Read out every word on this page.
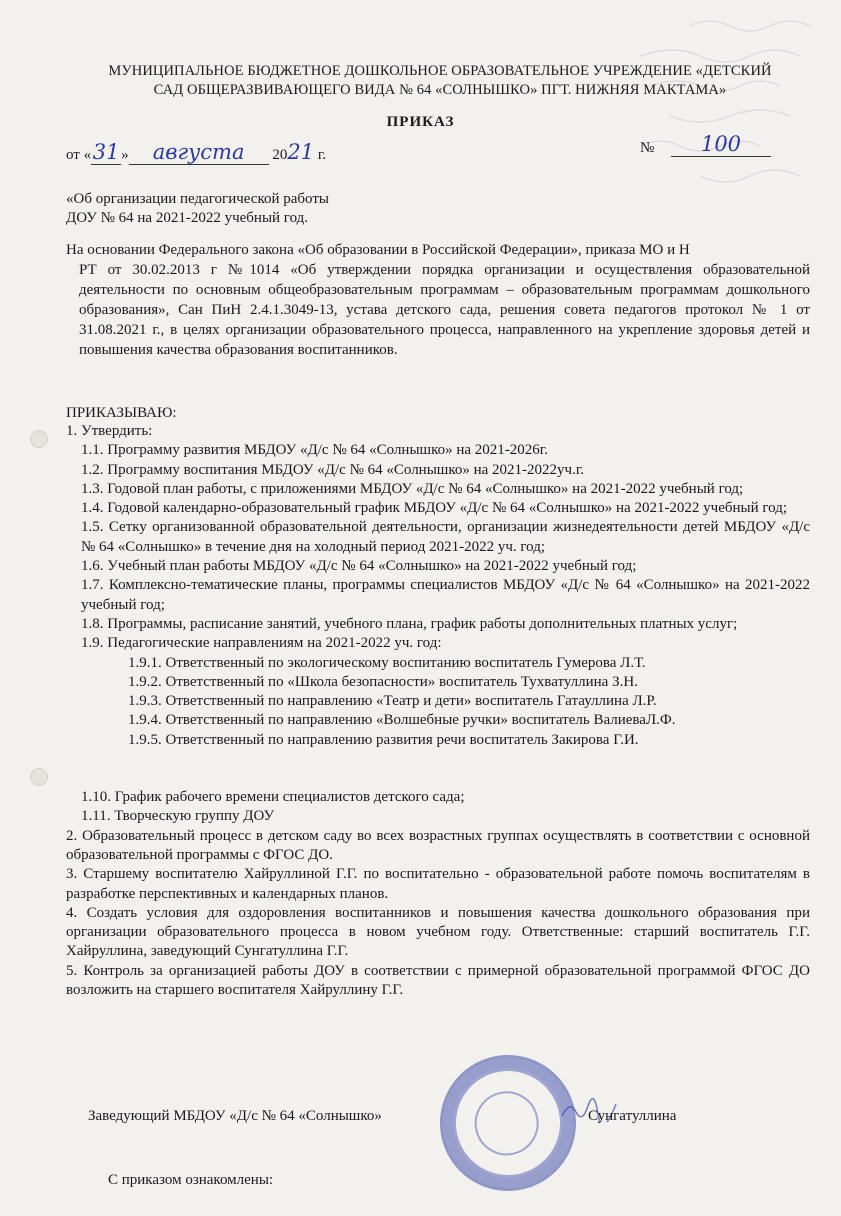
МУНИЦИПАЛЬНОЕ БЮДЖЕТНОЕ ДОШКОЛЬНОЕ ОБРАЗОВАТЕЛЬНОЕ УЧРЕЖДЕНИЕ «ДЕТСКИЙ
САД ОБЩЕРАЗВИВАЮЩЕГО ВИДА № 64 «СОЛНЫШКО» ПГТ. НИЖНЯЯ МАКТАМА»
ПРИКАЗ
от «31 » августа 2021 г.	№	100
«Об организации педагогической работы
ДОУ № 64 на 2021-2022 учебный год.
На основании Федерального закона «Об образовании в Российской Федерации», приказа МО и Н
РТ от 30.02.2013 г №1014 «Об утверждении порядка организации и осуществления образовательной деятельности по основным общеобразовательным программам – образовательным программам дошкольного образования», Сан ПиН 2.4.1.3049-13, устава детского сада, решения совета педагогов протокол № 1 от 31.08.2021 г., в целях организации образовательного процесса, направленного на укрепление здоровья детей и повышения качества образования воспитанников.
ПРИКАЗЫВАЮ:
1. Утвердить:
1.1. Программу развития МБДОУ «Д/с № 64 «Солнышко» на 2021-2026г.
1.2. Программу воспитания МБДОУ «Д/с № 64 «Солнышко» на 2021-2022уч.г.
1.3. Годовой план работы, с приложениями МБДОУ «Д/с № 64 «Солнышко» на 2021-2022 учебный год;
1.4. Годовой календарно-образовательный график МБДОУ «Д/с № 64 «Солнышко» на 2021-2022 учебный год;
1.5. Сетку организованной образовательной деятельности, организации жизнедеятельности детей МБДОУ «Д/с № 64 «Солнышко» в течение дня на холодный период 2021-2022 уч. год;
1.6. Учебный план работы МБДОУ «Д/с № 64 «Солнышко» на 2021-2022 учебный год;
1.7. Комплексно-тематические планы, программы специалистов МБДОУ «Д/с № 64 «Солнышко» на 2021-2022 учебный год;
1.8. Программы, расписание занятий, учебного плана, график работы дополнительных платных услуг;
1.9. Педагогические направлениям на 2021-2022 уч. год:
1.9.1. Ответственный по экологическому воспитанию воспитатель Гумерова Л.Т.
1.9.2. Ответственный по «Школа безопасности» воспитатель Тухватуллина З.Н.
1.9.3. Ответственный по направлению «Театр и дети» воспитатель Гатауллина Л.Р.
1.9.4. Ответственный по направлению «Волшебные ручки» воспитатель ВалиеваЛ.Ф.
1.9.5. Ответственный по направлению развития речи воспитатель Закирова Г.И.
1.10. График рабочего времени специалистов детского сада;
1.11. Творческую группу ДОУ
2. Образовательный процесс в детском саду во всех возрастных группах осуществлять в соответствии с основной образовательной программы с ФГОС ДО.
3. Старшему воспитателю Хайруллиной Г.Г. по воспитательно - образовательной работе помочь воспитателям в разработке перспективных и календарных планов.
4. Создать условия для оздоровления воспитанников и повышения качества дошкольного образования при организации образовательного процесса в новом учебном году. Ответственные: старший воспитатель Г.Г. Хайруллина, заведующий Сунгатуллина Г.Г.
5. Контроль за организацией работы ДОУ в соответствии с примерной образовательной программой ФГОС ДО возложить на старшего воспитателя Хайруллину Г.Г.
Заведующий МБДОУ «Д/с № 64 «Солнышко»	Сунгатуллина
С приказом ознакомлены:
